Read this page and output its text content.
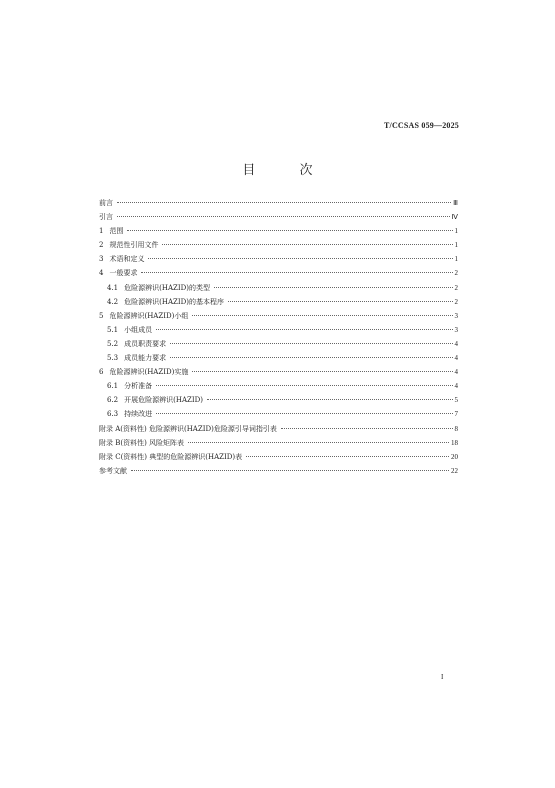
T/CCSAS 059—2025
目 次
前言	Ⅲ
引言	Ⅳ
1 范围	1
2 规范性引用文件	1
3 术语和定义	1
4 一般要求	2
4.1 危险源辨识(HAZID)的类型	2
4.2 危险源辨识(HAZID)的基本程序	2
5 危险源辨识(HAZID)小组	3
5.1 小组成员	3
5.2 成员职责要求	4
5.3 成员能力要求	4
6 危险源辨识(HAZID)实施	4
6.1 分析准备	4
6.2 开展危险源辨识(HAZID)	5
6.3 持续改进	7
附录 A(资料性) 危险源辨识(HAZID)危险源引导词指引表	8
附录 B(资料性) 风险矩阵表	18
附录 C(资料性) 典型的危险源辨识(HAZID)表	20
参考文献	22
I
